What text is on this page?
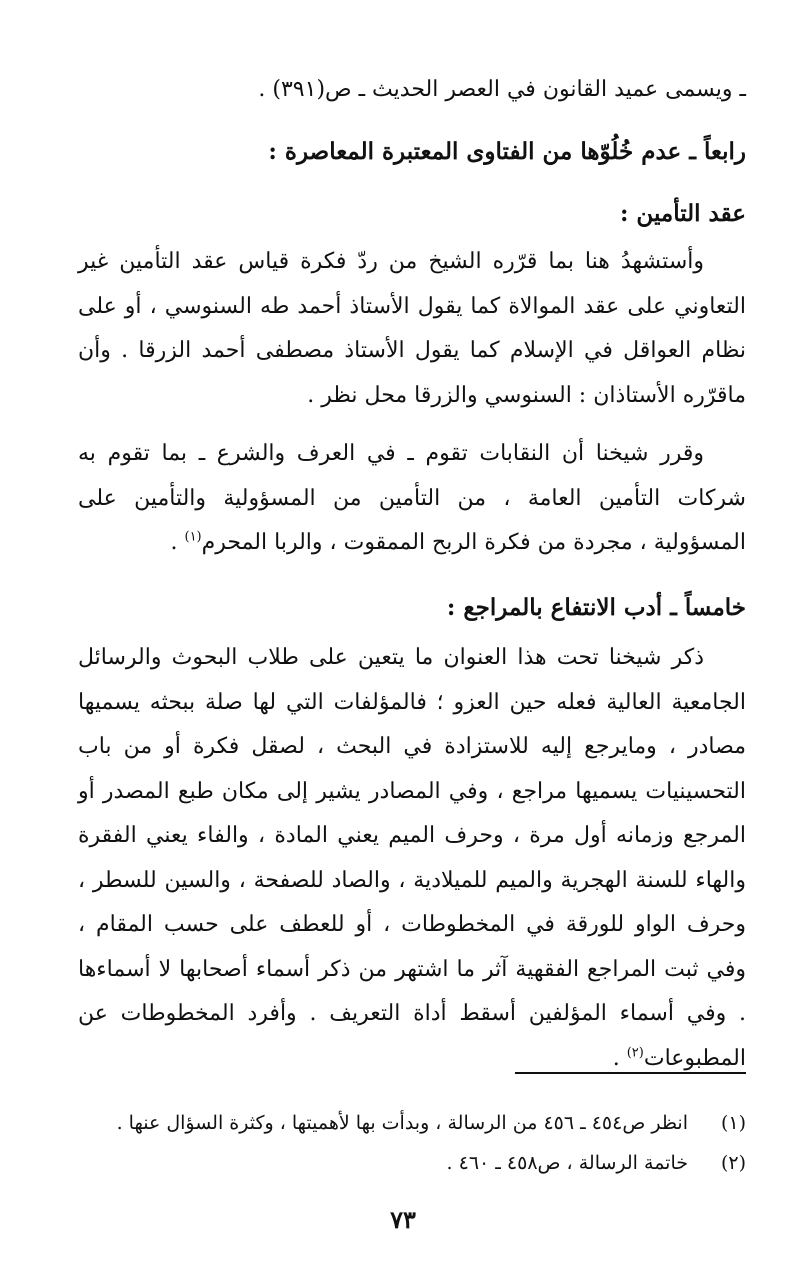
ـ ويسمى عميد القانون في العصر الحديث ـ ص(٣٩١) .
رابعاً ـ عدم خُلُوّها من الفتاوى المعتبرة المعاصرة :
عقد التأمين :

وأستشهدُ هنا بما قرّره الشيخ من ردّ فكرة قياس عقد التأمين غير التعاوني على عقد الموالاة كما يقول الأستاذ أحمد طه السنوسي ، أو على نظام العواقل في الإسلام كما يقول الأستاذ مصطفى أحمد الزرقا . وأن ماقرّره الأستاذان : السنوسي والزرقا محل نظر .

وقرر شيخنا أن النقابات تقوم ـ في العرف والشرع ـ بما تقوم به شركات التأمين العامة ، من التأمين من المسؤولية والتأمين على المسؤولية ، مجردة من فكرة الربح الممقوت ، والربا المحرم$^{(١)}$ .

خامساً ـ أدب الانتفاع بالمراجع :

ذكر شيخنا تحت هذا العنوان ما يتعين على طلاب البحوث والرسائل الجامعية العالية فعله حين العزو ؛ فالمؤلفات التي لها صلة ببحثه يسميها مصادر ، ومايرجع إليه للاستزادة في البحث ، لصقل فكرة أو من باب التحسينيات يسميها مراجع ، وفي المصادر يشير إلى مكان طبع المصدر أو المرجع وزمانه أول مرة ، وحرف الميم يعني المادة ، والفاء يعني الفقرة والهاء للسنة الهجرية والميم للميلادية ، والصاد للصفحة ، والسين للسطر ، وحرف الواو للورقة في المخطوطات ، أو للعطف على حسب المقام ، وفي ثبت المراجع الفقهية آثر ما اشتهر من ذكر أسماء أصحابها لا أسماءها . وفي أسماء المؤلفين أسقط أداة التعريف . وأفرد المخطوطات عن المطبوعات$^{(٢)}$ .

(١)انظر ص٤٥٤ ـ ٤٥٦ من الرسالة ، وبدأت بها لأهميتها ، وكثرة السؤال عنها .
(٢)خاتمة الرسالة ، ص٤٥٨ ـ ٤٦٠ .
٧٣
